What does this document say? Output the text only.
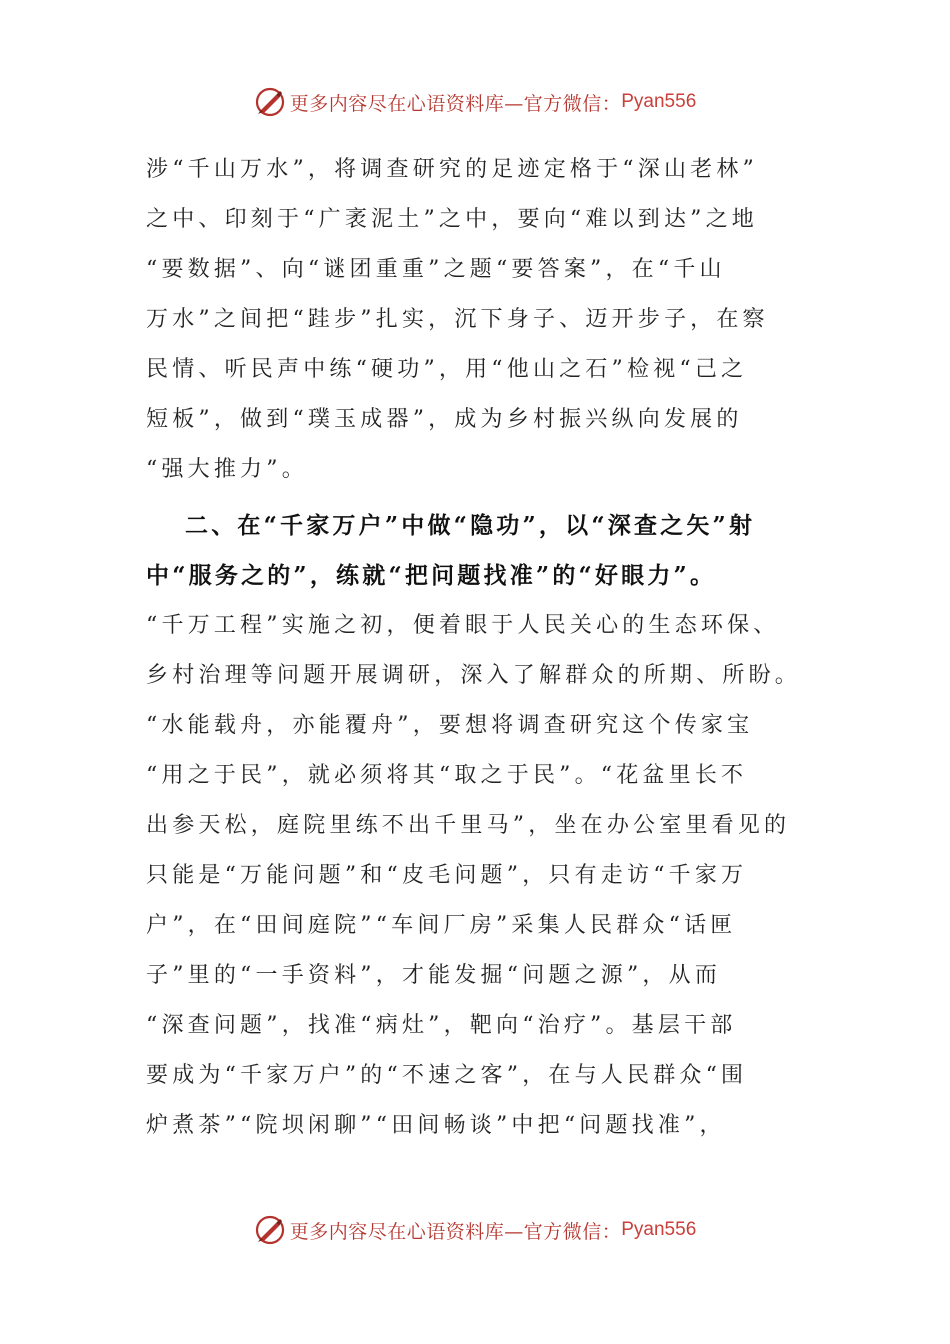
更多内容尽在心语资料库—官方微信： Pyan556
涉“千山万水”，将调查研究的足迹定格于“深山老林”
之中、印刻于“广袤泥土”之中，要向“难以到达”之地
“要数据”、向“谜团重重”之题“要答案”，在“千山
万水”之间把“跬步”扎实，沉下身子、迈开步子，在察
民情、听民声中练“硬功”，用“他山之石”检视“己之
短板”，做到“璞玉成器”，成为乡村振兴纵向发展的
“强大推力”。
二、在“千家万户”中做“隐功”，以“深查之矢”射
中“服务之的”，练就“把问题找准”的“好眼力”。
“千万工程”实施之初，便着眼于人民关心的生态环保、
乡村治理等问题开展调研，深入了解群众的所期、所盼。
“水能载舟，亦能覆舟”，要想将调查研究这个传家宝
“用之于民”，就必须将其“取之于民”。“花盆里长不
出参天松，庭院里练不出千里马”，坐在办公室里看见的
只能是“万能问题”和“皮毛问题”，只有走访“千家万
户”，在“田间庭院”“车间厂房”采集人民群众“话匣
子”里的“一手资料”，才能发掘“问题之源”，从而
“深查问题”，找准“病灶”，靶向“治疗”。基层干部
要成为“千家万户”的“不速之客”，在与人民群众“围
炉煮茶”“院坝闲聊”“田间畅谈”中把“问题找准”，
更多内容尽在心语资料库—官方微信： Pyan556
